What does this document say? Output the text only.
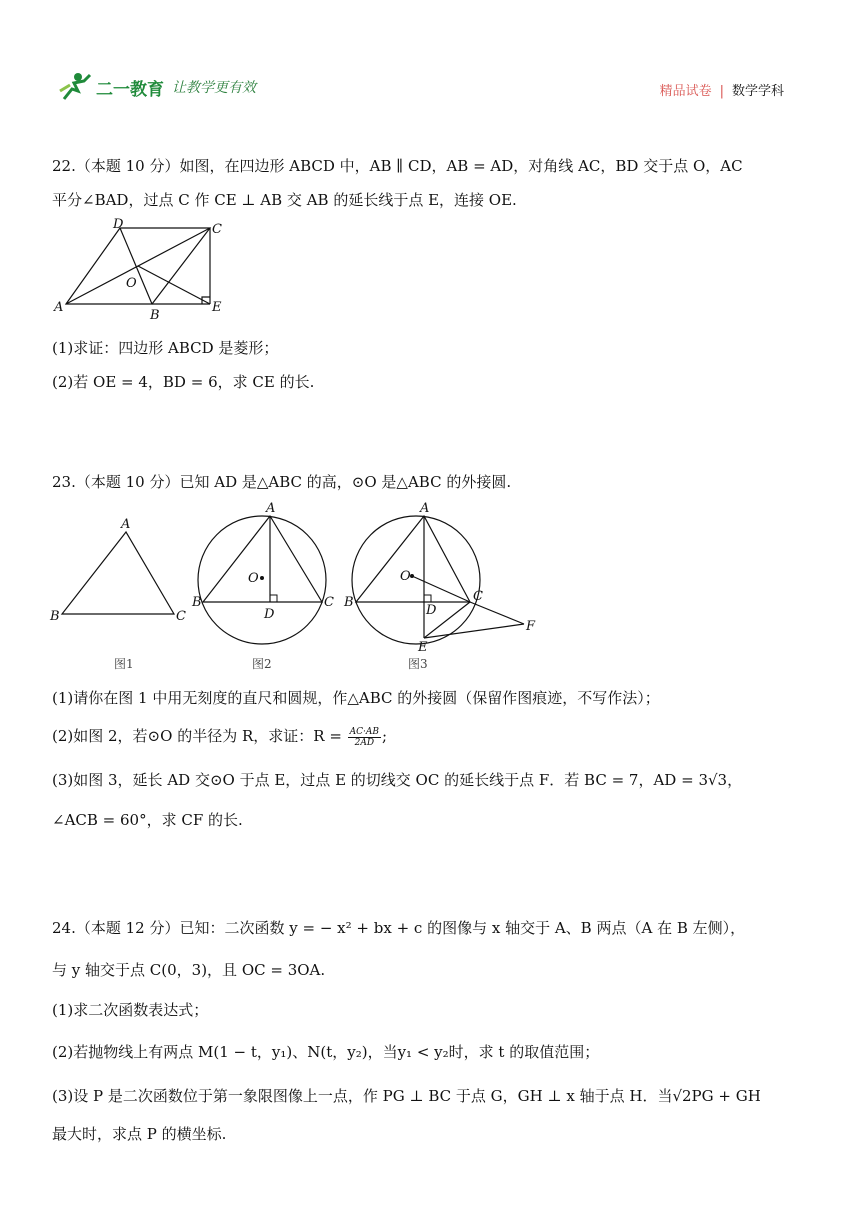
二一教育 让教学更有效	精品试卷 | 数学学科
22.（本题 10 分）如图，在四边形 ABCD 中，AB ∥ CD，AB = AD，对角线 AC，BD 交于点 O，AC
平分∠BAD，过点 C 作 CE ⊥ AB 交 AB 的延长线于点 E，连接 OE.
D	C
O
A
B
E
(1)求证：四边形 ABCD 是菱形；
(2)若 OE = 4，BD = 6，求 CE 的长.
23.（本题 10 分）已知 AD 是△ABC 的高，⊙O 是△ABC 的外接圆.
A
B	C
图1
A
O
B
D
C
图2
A
O
B
D
C
E
F
图3
(1)请你在图 1 中用无刻度的直尺和圆规，作△ABC 的外接圆（保留作图痕迹，不写作法）；
(2)如图 2，若⊙O 的半径为 R，求证：$R = \frac{AC\cdot AB}{2AD}$ ;
(3)如图 3，延长 AD 交⊙O 于点 E，过点 E 的切线交 OC 的延长线于点 F．若 BC = 7，AD = 3√3，
∠ACB = 60°，求 CF 的长.
24.（本题 12 分）已知：二次函数 y = − x² + bx + c 的图像与 x 轴交于 A、B 两点（A 在 B 左侧），
与 y 轴交于点 C(0，3)，且 OC = 3OA.
(1)求二次函数表达式；
(2)若抛物线上有两点 M(1 − t，y₁)、N(t，y₂)，当y₁ < y₂时，求 t 的取值范围；
(3)设 P 是二次函数位于第一象限图像上一点，作 PG ⊥ BC 于点 G，GH ⊥ x 轴于点 H．当√2PG + GH
最大时，求点 P 的横坐标.
